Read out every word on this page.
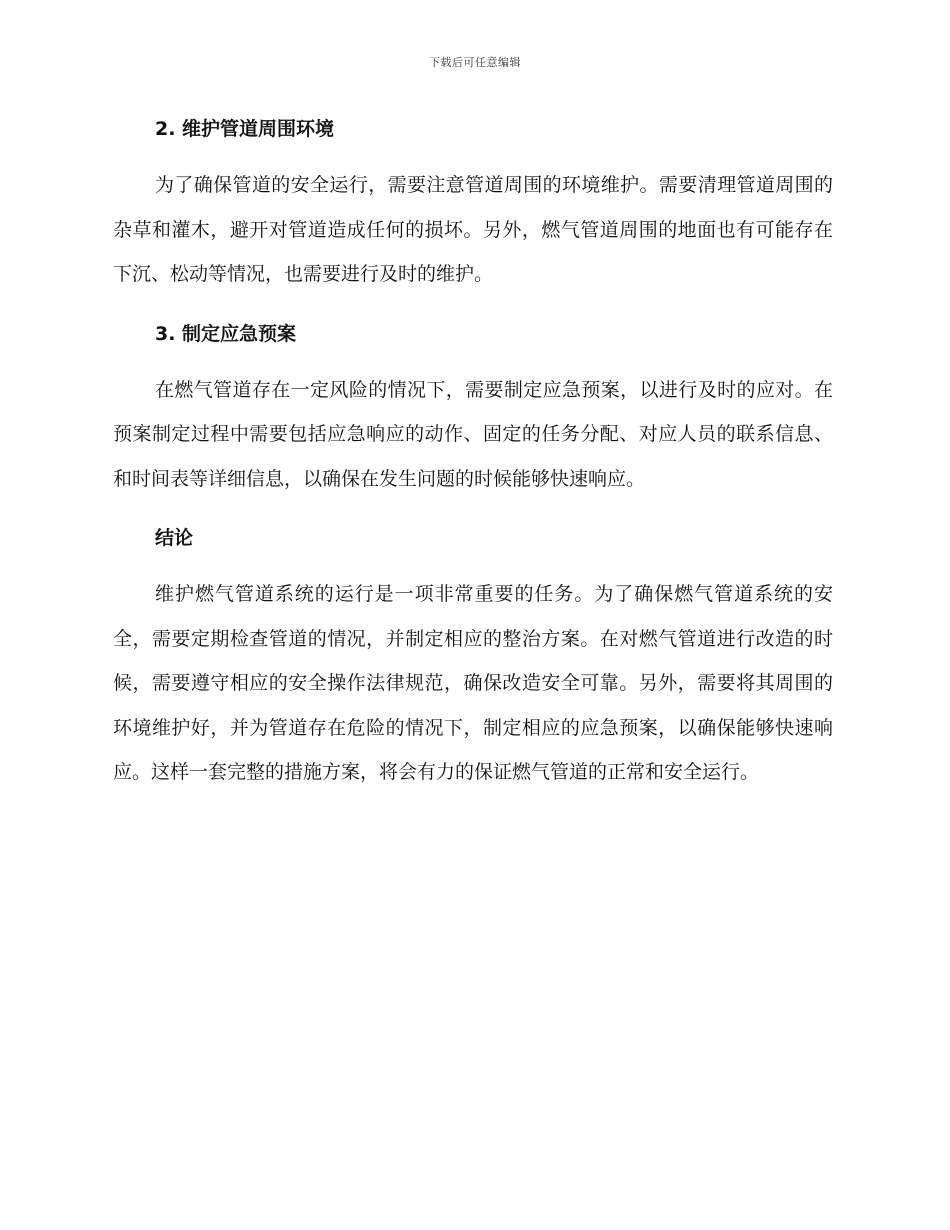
下载后可任意编辑
2. 维护管道周围环境

为了确保管道的安全运行，需要注意管道周围的环境维护。需要清理管道周围的杂草和灌木，避开对管道造成任何的损坏。另外，燃气管道周围的地面也有可能存在下沉、松动等情况，也需要进行及时的维护。

3. 制定应急预案

在燃气管道存在一定风险的情况下，需要制定应急预案，以进行及时的应对。在预案制定过程中需要包括应急响应的动作、固定的任务分配、对应人员的联系信息、和时间表等详细信息，以确保在发生问题的时候能够快速响应。

结论

维护燃气管道系统的运行是一项非常重要的任务。为了确保燃气管道系统的安全，需要定期检查管道的情况，并制定相应的整治方案。在对燃气管道进行改造的时候，需要遵守相应的安全操作法律规范，确保改造安全可靠。另外，需要将其周围的环境维护好，并为管道存在危险的情况下，制定相应的应急预案，以确保能够快速响应。这样一套完整的措施方案，将会有力的保证燃气管道的正常和安全运行。
